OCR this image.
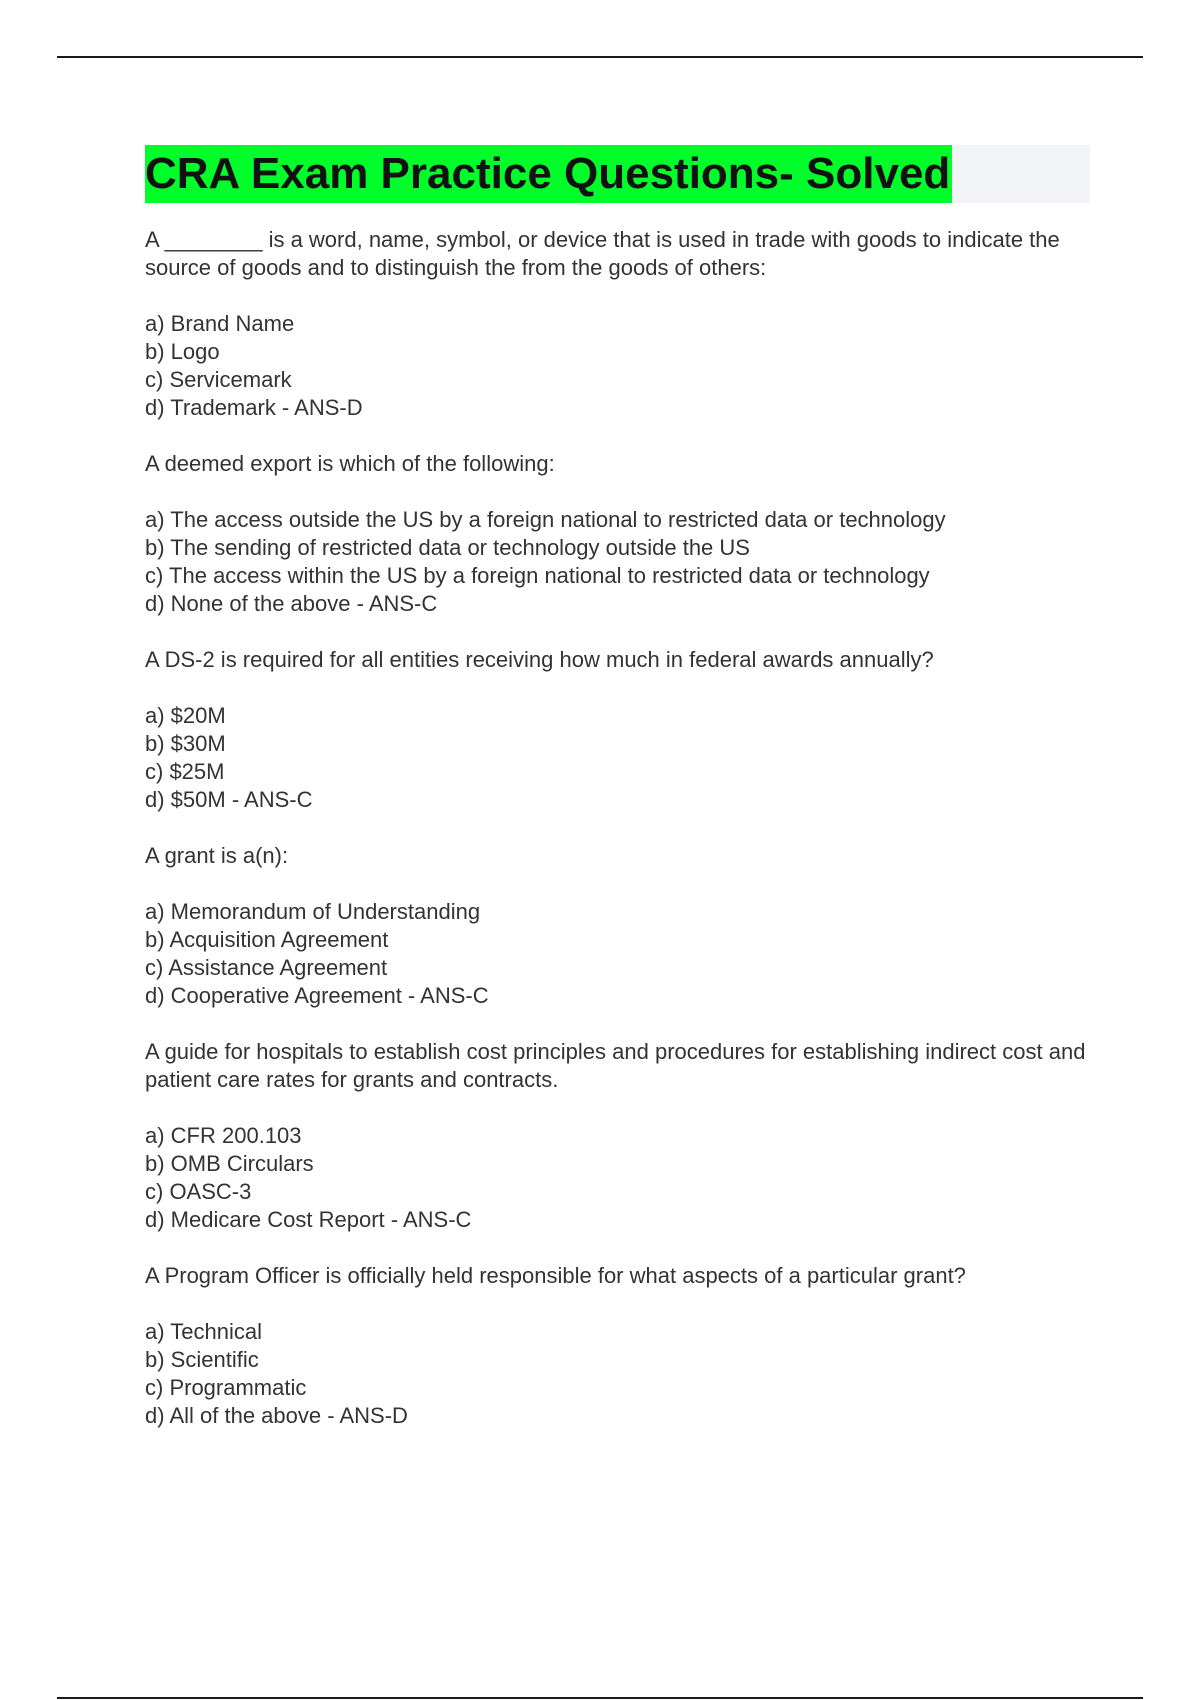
CRA Exam Practice Questions- Solved
A ________ is a word, name, symbol, or device that is used in trade with goods to indicate the source of goods and to distinguish the from the goods of others:
a) Brand Name
b) Logo
c) Servicemark
d) Trademark - ANS-D
A deemed export is which of the following:
a) The access outside the US by a foreign national to restricted data or technology
b) The sending of restricted data or technology outside the US
c) The access within the US by a foreign national to restricted data or technology
d) None of the above - ANS-C
A DS-2 is required for all entities receiving how much in federal awards annually?
a) $20M
b) $30M
c) $25M
d) $50M - ANS-C
A grant is a(n):
a) Memorandum of Understanding
b) Acquisition Agreement
c) Assistance Agreement
d) Cooperative Agreement - ANS-C
A guide for hospitals to establish cost principles and procedures for establishing indirect cost and patient care rates for grants and contracts.
a) CFR 200.103
b) OMB Circulars
c) OASC-3
d) Medicare Cost Report - ANS-C
A Program Officer is officially held responsible for what aspects of a particular grant?
a) Technical
b) Scientific
c) Programmatic
d) All of the above - ANS-D
